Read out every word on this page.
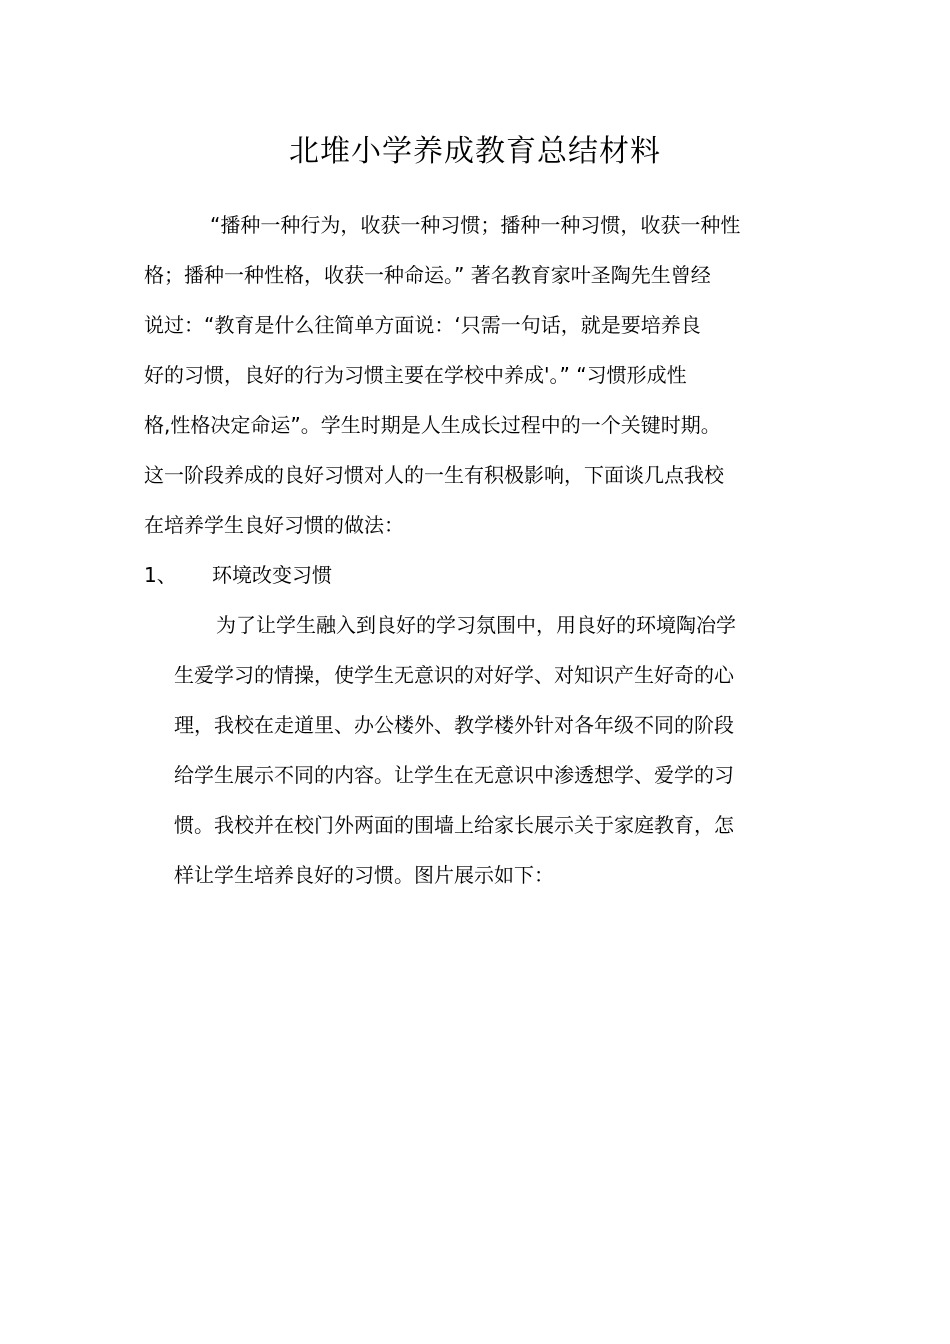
北堆小学养成教育总结材料
“播种一种行为，收获一种习惯；播种一种习惯，收获一种性
格；播种一种性格，收获一种命运。” 著名教育家叶圣陶先生曾经
说过：“教育是什么往简单方面说：‘只需一句话，就是要培养良
好的习惯，良好的行为习惯主要在学校中养成'。” “习惯形成性
格,性格决定命运”。学生时期是人生成长过程中的一个关键时期。
这一阶段养成的良好习惯对人的一生有积极影响，下面谈几点我校
在培养学生良好习惯的做法：
1、 环境改变习惯
为了让学生融入到良好的学习氛围中，用良好的环境陶冶学
生爱学习的情操，使学生无意识的对好学、对知识产生好奇的心
理，我校在走道里、办公楼外、教学楼外针对各年级不同的阶段
给学生展示不同的内容。让学生在无意识中渗透想学、爱学的习
惯。我校并在校门外两面的围墙上给家长展示关于家庭教育，怎
样让学生培养良好的习惯。图片展示如下：
